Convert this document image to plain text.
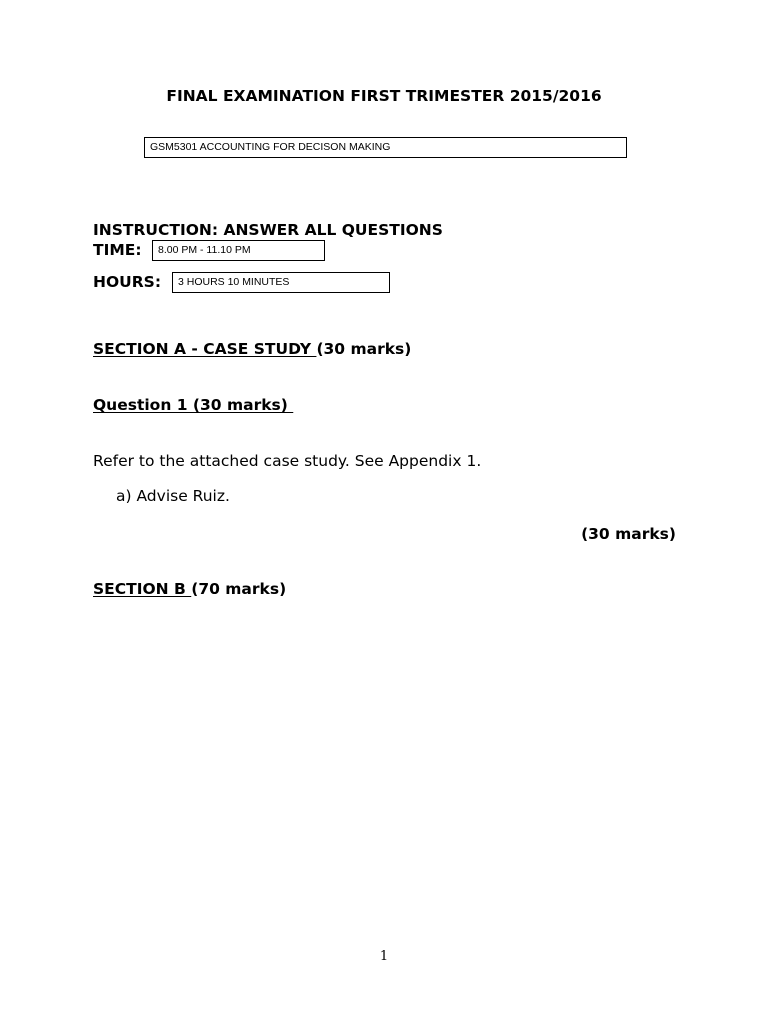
FINAL EXAMINATION FIRST TRIMESTER 2015/2016
GSM5301 ACCOUNTING FOR DECISON MAKING
INSTRUCTION: ANSWER ALL QUESTIONS
TIME:	8.00 PM - 11.10 PM
HOURS:	3 HOURS 10 MINUTES
SECTION A - CASE STUDY (30 marks)
Question 1 (30 marks)
Refer to the attached case study. See Appendix 1.
a) Advise Ruiz.
(30 marks)
SECTION B (70 marks)
1
